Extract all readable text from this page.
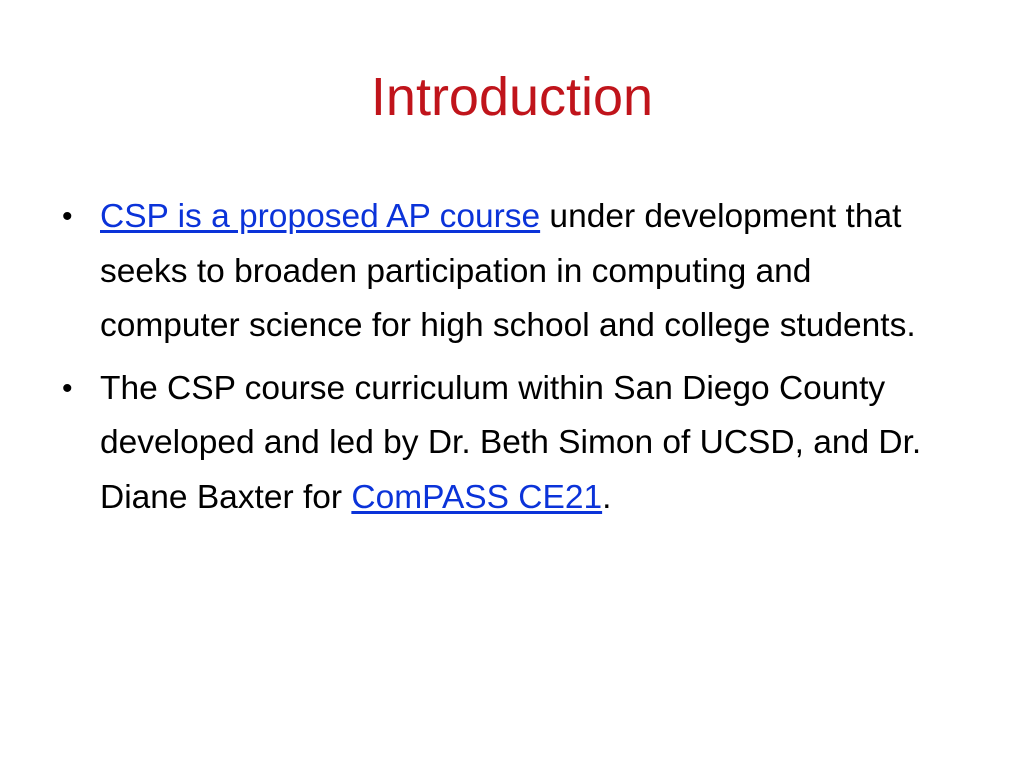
Introduction
• CSP is a proposed AP course under development that seeks to broaden participation in computing and computer science for high school and college students.
• The CSP course curriculum within San Diego County developed and led by Dr. Beth Simon of UCSD, and Dr. Diane Baxter for ComPASS CE21.
